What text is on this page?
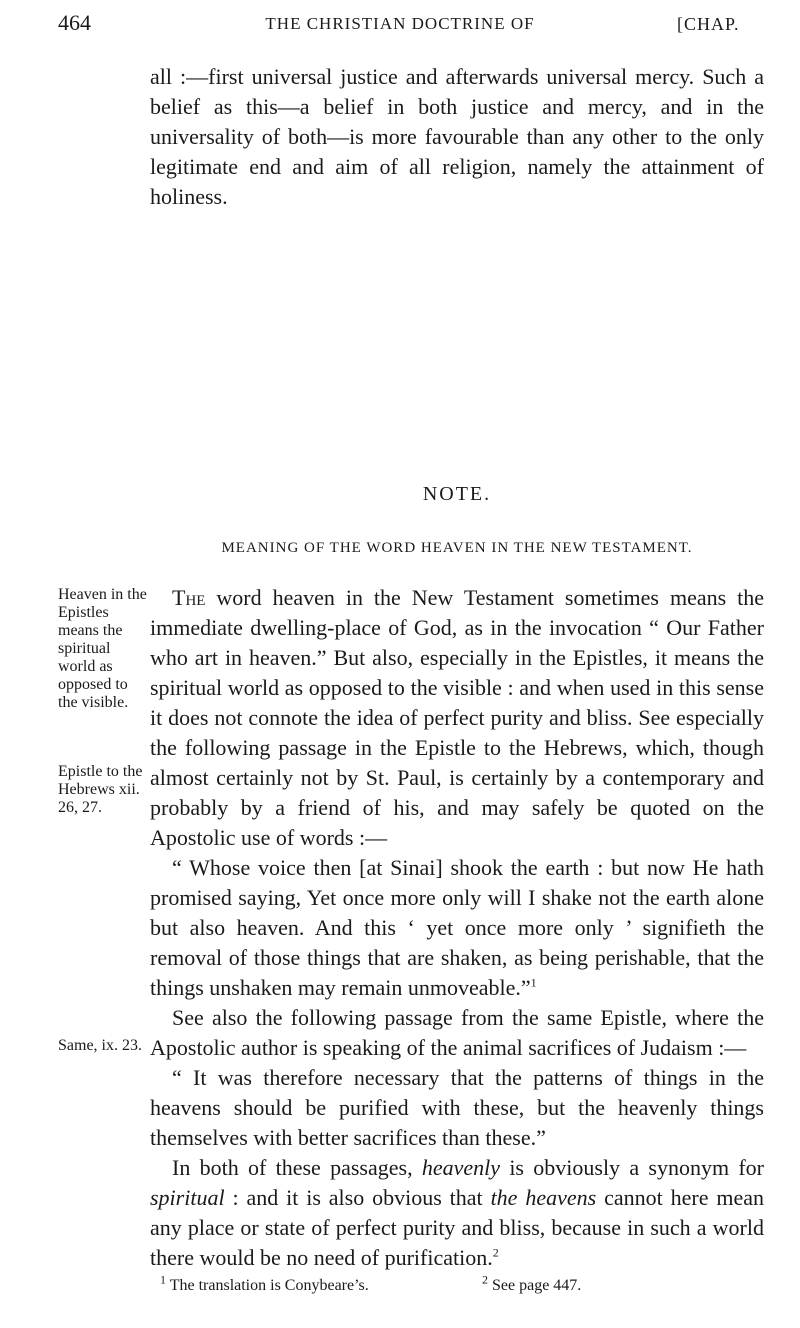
464	THE CHRISTIAN DOCTRINE OF	[CHAP.
all :—first universal justice and afterwards universal mercy. Such a belief as this—a belief in both justice and mercy, and in the universality of both—is more favourable than any other to the only legitimate end and aim of all religion, namely the attainment of holiness.
NOTE.
MEANING OF THE WORD HEAVEN IN THE NEW TESTAMENT.
Heaven in the Epistles means the spiritual world as opposed to the visible.
Epistle to the Hebrews xii. 26, 27.
Same, ix. 23.

The word heaven in the New Testament sometimes means the immediate dwelling-place of God, as in the invocation “ Our Father who art in heaven.” But also, especially in the Epistles, it means the spiritual world as opposed to the visible : and when used in this sense it does not connote the idea of perfect purity and bliss. See especially the following passage in the Epistle to the Hebrews, which, though almost certainly not by St. Paul, is certainly by a contemporary and probably by a friend of his, and may safely be quoted on the Apostolic use of words :—

“ Whose voice then [at Sinai] shook the earth : but now He hath promised saying, Yet once more only will I shake not the earth alone but also heaven. And this ‘ yet once more only ’ signifieth the removal of those things that are shaken, as being perishable, that the things unshaken may remain unmoveable.”$^1$

See also the following passage from the same Epistle, where the Apostolic author is speaking of the animal sacrifices of Judaism :—

“ It was therefore necessary that the patterns of things in the heavens should be purified with these, but the heavenly things themselves with better sacrifices than these.”

In both of these passages, heavenly is obviously a synonym for spiritual : and it is also obvious that the heavens cannot here mean any place or state of perfect purity and bliss, because in such a world there would be no need of purification.$^2$

$^1$ The translation is Conybeare’s.	$^2$ See page 447.
